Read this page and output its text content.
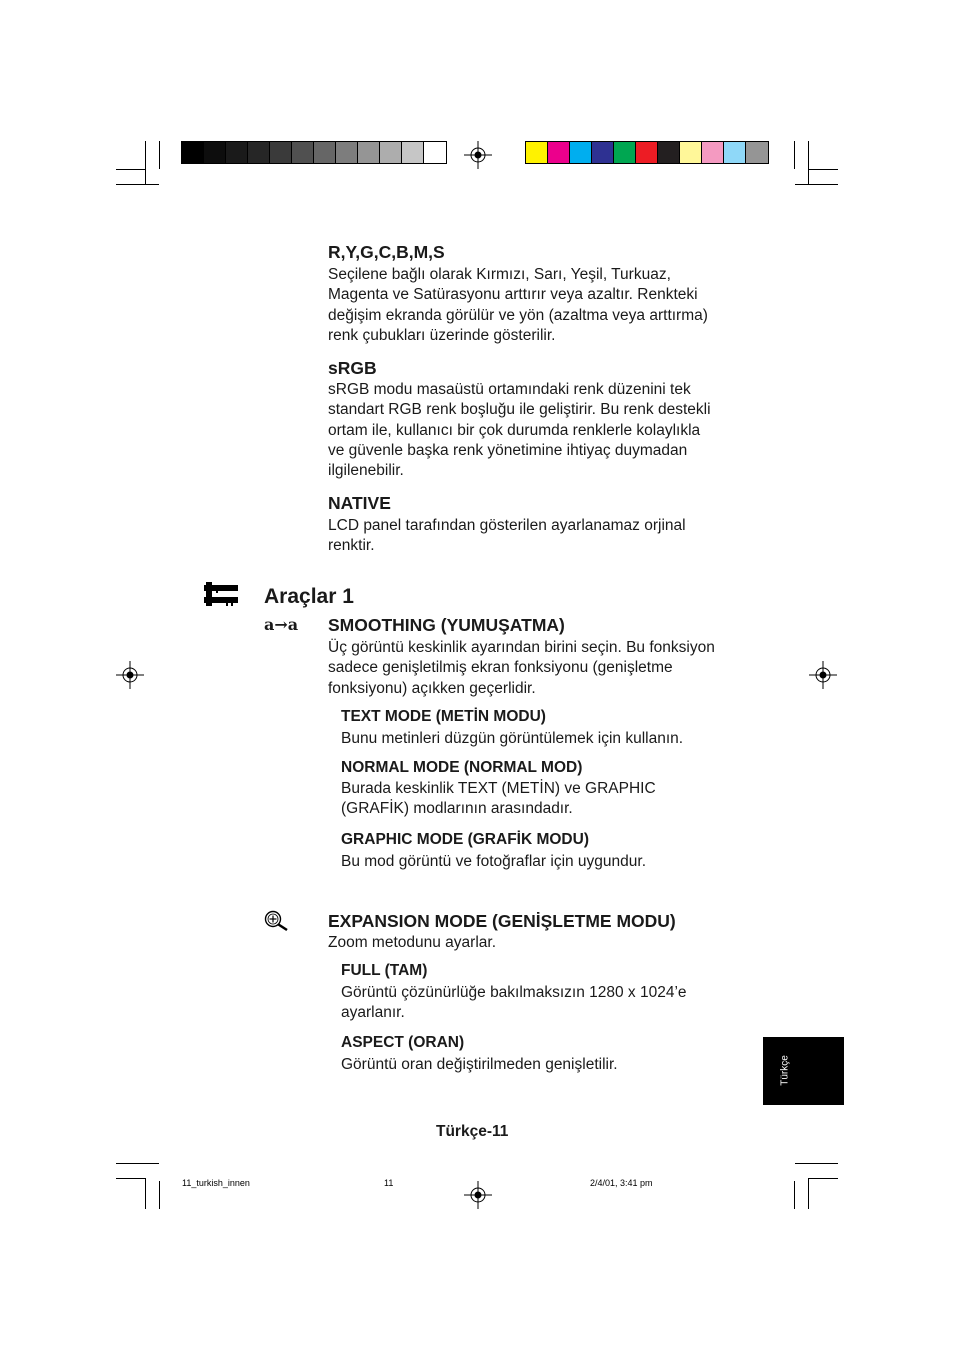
R,Y,G,C,B,M,S

Seçilene bağlı olarak Kırmızı, Sarı, Yeşil, Turkuaz,

Magenta ve Satürasyonu arttırır veya azaltır. Renkteki

değişim ekranda görülür ve yön (azaltma veya arttırma)

renk çubukları üzerinde gösterilir.

sRGB

sRGB modu masaüstü ortamındaki renk düzenini tek

standart RGB renk boşluğu ile geliştirir. Bu renk destekli

ortam ile, kullanıcı bir çok durumda renklerle kolaylıkla

ve güvenle başka renk yönetimine ihtiyaç duymadan

ilgilenebilir.

NATIVE

LCD panel tarafından gösterilen ayarlanamaz orjinal

renktir.

Araçlar 1

a→a SMOOTHING (YUMUŞATMA)

Üç görüntü keskinlik ayarından birini seçin. Bu fonksiyon

sadece genişletilmiş ekran fonksiyonu (genişletme

fonksiyonu) açıkken geçerlidir.

TEXT MODE (METİN MODU)

Bunu metinleri düzgün görüntülemek için kullanın.

NORMAL MODE (NORMAL MOD)

Burada keskinlik TEXT (METİN) ve GRAPHIC

(GRAFİK) modlarının arasındadır.

GRAPHIC MODE (GRAFİK MODU)

Bu mod görüntü ve fotoğraflar için uygundur.

EXPANSION MODE (GENİŞLETME MODU)

Zoom metodunu ayarlar.

FULL (TAM)

Görüntü çözünürlüğe bakılmaksızın 1280 x 1024’e

ayarlanır.

ASPECT (ORAN)

Görüntü oran değiştirilmeden genişletilir.	Türkçe

Türkçe-11

11_turkish_innen	11	2/4/01, 3:41 pm
